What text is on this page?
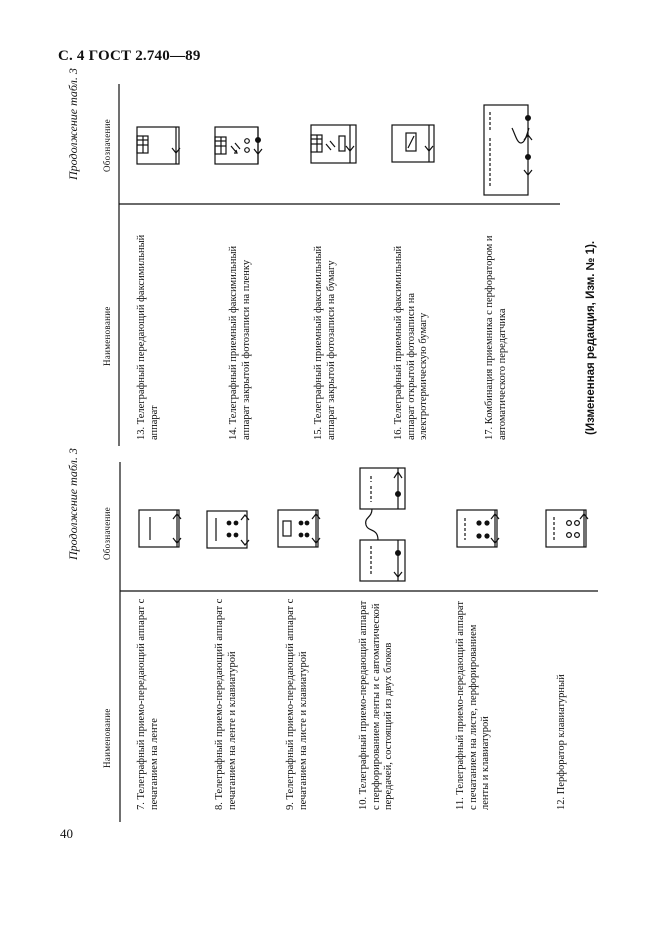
С. 4 ГОСТ 2.740—89
40
Продолжение табл. 3
Наименование
Обозначение
7. Телеграфный приемо-передающий аппарат с печатанием на ленте	8. Телеграфный приемо-передающий аппарат с печатанием на ленте и клавиатурой	9. Телеграфный приемо-передающий аппарат с печатанием на листе и клавиатурой	10. Телеграфный приемо-передающий аппарат с перфорированием ленты и с автоматической передачей, состоящий из двух блоков	11. Телеграфный приемо-передающий аппарат с печатанием на листе, перфорированием ленты и клавиатурой	12. Перфоратор клавиатурный
Продолжение табл. 3
Наименование
Обозначение
13. Телеграфный передающий факсимильный аппарат	14. Телеграфный приемный факсимильный аппарат закрытой фотозаписи на пленку	15. Телеграфный приемный факсимильный аппарат закрытой фотозаписи на бумагу	16. Телеграфный приемный факсимильный аппарат открытой фотозаписи на электротермическую бумагу	17. Комбинация приемника с перфоратором и автоматического передатчика	(Измененная редакция, Изм. № 1).
